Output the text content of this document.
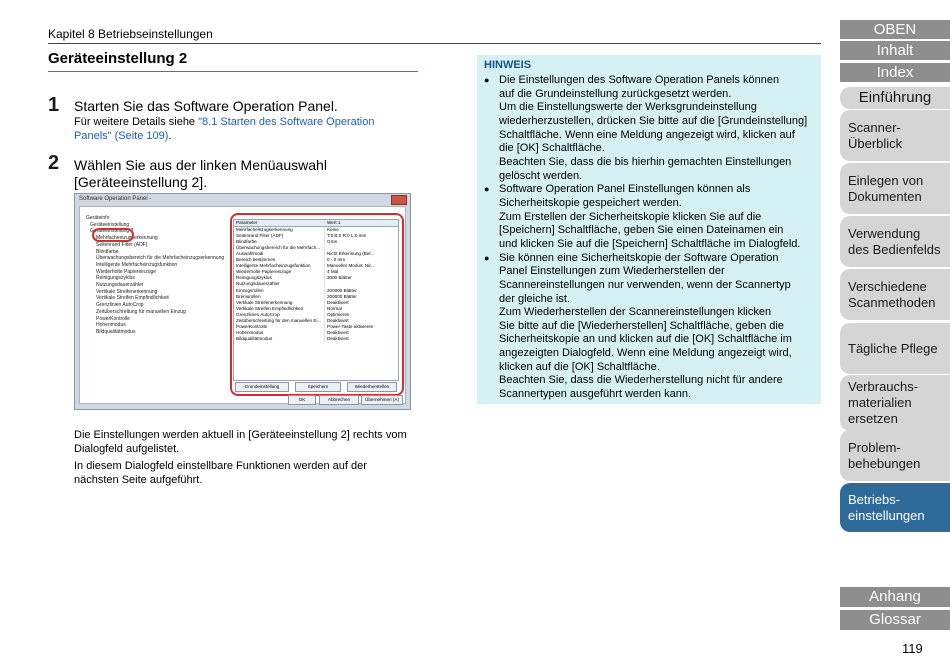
Kapitel 8 Betriebseinstellungen
Geräteeinstellung 2
1 Starten Sie das Software Operation Panel.
Für weitere Details siehe "8.1 Starten des Software Operation
Panels" (Seite 109).
2 Wählen Sie aus der linken Menüauswahl
[Geräteeinstellung 2].
Software Operation Panel -
Geräteinfo
Geräteeinstellung
Geräteeinstellung 2
Mehrfacheinzugserkennung
Seitenrand Filter (ADF)
Blindfarbe
Überwachungsbereich für die Mehrfacheinzugserkennung
Intelligente Mehrfacheinzugsfunktion
Wiederholte Papiereinzüge
Reinigungszyklus
Nutzungsdauerzähler
Vertikale Streifenerkennung
Vertikale Streifen Empfindlichkeit
Grenzlinien AutoCrop
Zeitüberschreitung für manuellen Einzug
PowerKontrolle
Hohenmodus
Bildqualitätmodus
Parameter	Wert 1
Mehrfacheinzugserkennung	Keine
Seitenrand Filter (ADF)	T:0 B:0 R:0 L:0 mm
Blindfarbe	Grün
Überwachungsbereich für die Mehrfach...
Auswahlmodi	Nicht Erkennung (Ber...
Bereich bestimmen	0 - 0 mm
Intelligente Mehrfacheinzugsfunktion	Manueller Modus: Nic...
Wiederholte Papiereinzüge	4 Mal
Reinigungszyklus	3000 Blätter
Nutzungsdauerzähler
Einzugsrollen	200000 Blätter
Bremsrollen	200000 Blätter
Vertikale Streifenerkennung	Deaktiviert
Vertikale Streifen Empfindlichkeit	Normal
Grenzlinien AutoCrop	Optimieren
Zeitüberschreitung für den manuellen Ei...	Deaktiviert
PowerKontrolle	Power-Taste aktivieren
Hohenmodus	Deaktiviert
Bildqualitätmodus	Deaktiviert
Grundeinstellung	Speichern	Wiederherstellen
OK	Abbrechen	Übernehmen (A)
Die Einstellungen werden aktuell in [Geräteeinstellung 2] rechts vom
Dialogfeld aufgelistet.
In diesem Dialogfeld einstellbare Funktionen werden auf der
nächsten Seite aufgeführt.
HINWEIS
● Die Einstellungen des Software Operation Panels können
auf die Grundeinstellung zurückgesetzt werden.
Um die Einstellungswerte der Werksgrundeinstellung
wiederherzustellen, drücken Sie bitte auf die [Grundeinstellung]
Schaltfläche. Wenn eine Meldung angezeigt wird, klicken auf
die [OK] Schaltfläche.
Beachten Sie, dass die bis hierhin gemachten Einstellungen
gelöscht werden.
● Software Operation Panel Einstellungen können als
Sicherheitskopie gespeichert werden.
Zum Erstellen der Sicherheitskopie klicken Sie auf die
[Speichern] Schaltfläche, geben Sie einen Dateinamen ein
und klicken Sie auf die [Speichern] Schaltfläche im Dialogfeld.
● Sie können eine Sicherheitskopie der Software Operation
Panel Einstellungen zum Wiederherstellen der
Scannereinstellungen nur verwenden, wenn der Scannertyp
der gleiche ist.
Zum Wiederherstellen der Scannereinstellungen klicken
Sie bitte auf die [Wiederherstellen] Schaltfläche, geben die
Sicherheitskopie an und klicken auf die [OK] Schaltfläche im
angezeigten Dialogfeld. Wenn eine Meldung angezeigt wird,
klicken auf die [OK] Schaltfläche.
Beachten Sie, dass die Wiederherstellung nicht für andere
Scannertypen ausgeführt werden kann.
OBEN
Inhalt
Index
Einführung
Scanner-
Überblick
Einlegen von
Dokumenten
Verwendung
des Bedienfelds
Verschiedene
Scanmethoden
Tägliche Pflege
Verbrauchs-
materialien
ersetzen
Problem-
behebungen
Betriebs-
einstellungen
Anhang
Glossar
119
